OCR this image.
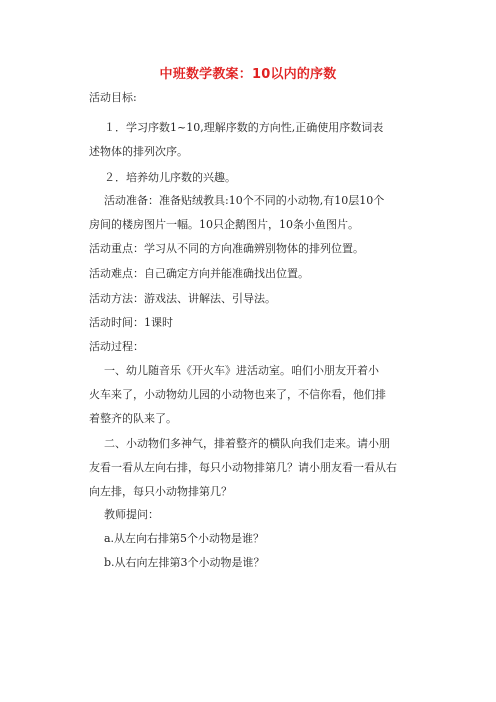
中班数学教案：10以内的序数
活动目标:
１．学习序数1~10,理解序数的方向性,正确使用序数词表述物体的排列次序。
２．培养幼儿序数的兴趣。
活动准备：准备贴绒教具:10个不同的小动物,有10层10个房间的楼房图片一幅。10只企鹅图片，10条小鱼图片。
活动重点：学习从不同的方向准确辨别物体的排列位置。
活动难点：自己确定方向并能准确找出位置。
活动方法：游戏法、讲解法、引导法。
活动时间：1课时
活动过程：
一、幼儿随音乐《开火车》进活动室。咱们小朋友开着小火车来了，小动物幼儿园的小动物也来了，不信你看，他们排着整齐的队来了。
二、小动物们多神气，排着整齐的横队向我们走来。请小朋友看一看从左向右排，每只小动物排第几？请小朋友看一看从右向左排，每只小动物排第几？
教师提问：
a.从左向右排第5个小动物是谁？
b.从右向左排第3个小动物是谁？
